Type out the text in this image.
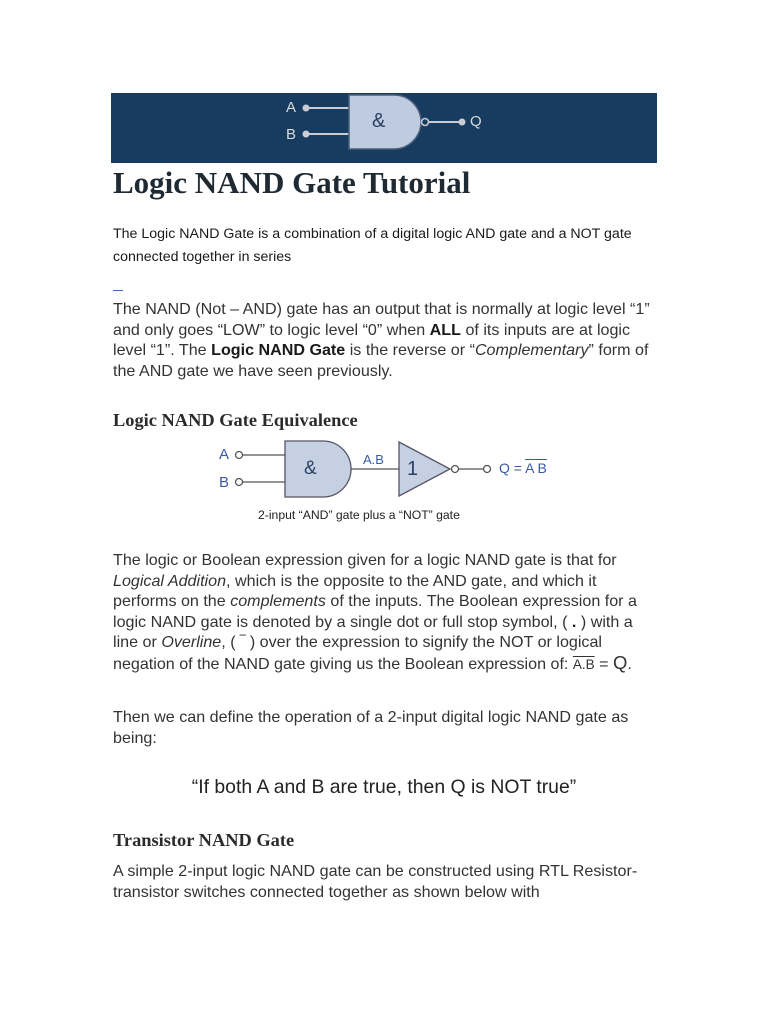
A
B
&	Q
Logic NAND Gate Tutorial

The Logic NAND Gate is a combination of a digital logic AND gate and a NOT gate connected together in series

The NAND (Not – AND) gate has an output that is normally at logic level “1” and only goes “LOW” to logic level “0” when ALL of its inputs are at logic level “1”. The Logic NAND Gate is the reverse or “Complementary” form of the AND gate we have seen previously.

Logic NAND Gate Equivalence
A
B
&	A.B 1	Q = A B
2-input “AND” gate plus a “NOT” gate

The logic or Boolean expression given for a logic NAND gate is that for Logical Addition, which is the opposite to the AND gate, and which it performs on the complements of the inputs. The Boolean expression for a logic NAND gate is denoted by a single dot or full stop symbol, ( . ) with a line or Overline, ( ‾ ) over the expression to signify the NOT or logical negation of the NAND gate giving us the Boolean expression of: A.B = Q.

Then we can define the operation of a 2-input digital logic NAND gate as being:

“If both A and B are true, then Q is NOT true”

Transistor NAND Gate

A simple 2-input logic NAND gate can be constructed using RTL Resistor-transistor switches connected together as shown below with
